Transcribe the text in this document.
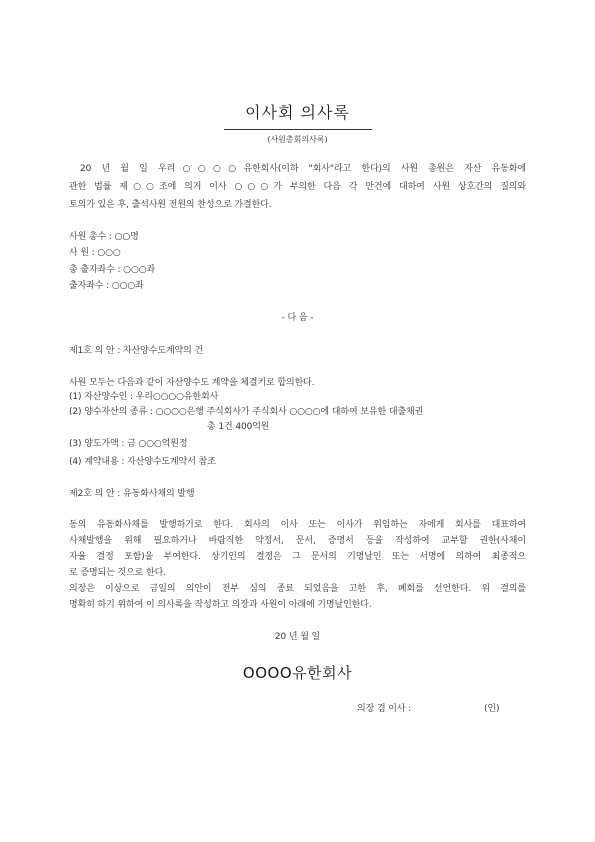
이사회 의사록
(사원총회의사록)
20 년 월 일 우리○○○○유한회사(이하 "회사"라고 한다)의 사원 총원은 자산 유동화에
관한 법률 제○○조에 의거 이사 ○○○가 부의한 다음 각 안건에 대하여 사원 상호간의 질의와
토의가 있은 후, 출석사원 전원의 찬성으로 가결한다.
사원 총수 : ○○명
사 원 : ○○○
총 출자좌수 : ○○○좌
출자좌수 : ○○○좌
- 다 음 -
제1호 의 안 : 자산양수도계약의 건
사원 모두는 다음과 같이 자산양수도 계약을 체결키로 합의한다.
(1) 자산양수인 : 우리○○○○유한회사
(2) 양수자산의 종류 : ○○○○은행 주식회사가 주식회사 ○○○○에 대하여 보유한 대출채권
총 1건 400억원
(3) 양도가액 : 금 ○○○억원정
(4) 계약내용 : 자산양수도계약서 참조
제2호 의 안 : 유동화사채의 발행
동의 유동화사채를 발행하기로 한다. 회사의 이사 또는 이사가 위임하는 자에게 회사를 대표하여
사채발행을 위해 필요하거나 바람직한 약정서, 문서, 증명서 등을 작성하여 교부할 권한(사채이
자율 결정 포함)을 부여한다. 상기인의 결정은 그 문서의 기명날인 또는 서명에 의하여 최종적으
로 증명되는 것으로 한다.
의장은 이상으로 금일의 의안이 전부 심의 종료 되었음을 고한 후, 폐회를 선언한다. 위 결의를
명확히 하기 위하여 이 의사록을 작성하고 의장과 사원이 아래에 기명날인한다.
20 년 월 일
OOOO유한회사
의장 겸 이사 :	(인)
